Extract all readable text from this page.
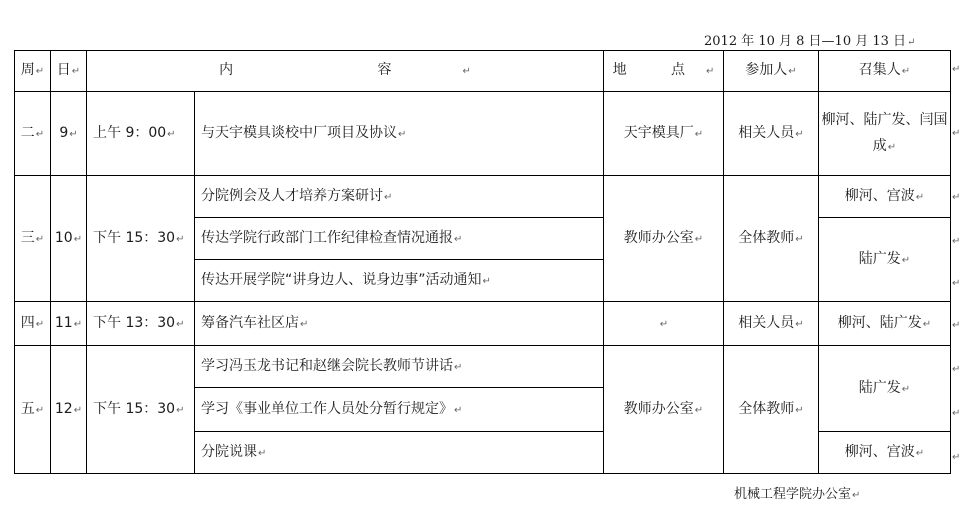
2012 年 10 月 8 日—10 月 13 日↵
周↵	日↵	内 容↵		地 点↵	参加人↵	召集人↵
二↵	9↵	上午 9：00↵	与天宇模具谈校中厂项目及协议↵	天宇模具厂↵	相关人员↵	柳河、陆广发、闫国成↵
三↵	10↵	下午 15：30↵	分院例会及人才培养方案研讨↵	教师办公室↵	全体教师↵	柳河、宫波↵
			传达学院行政部门工作纪律检查情况通报↵			陆广发↵
			传达开展学院“讲身边人、说身边事”活动通知↵			
四↵	11↵	下午 13：30↵	筹备汽车社区店↵	↵	相关人员↵	柳河、陆广发↵
五↵	12↵	下午 15：30↵	学习冯玉龙书记和赵继会院长教师节讲话↵	教师办公室↵	全体教师↵	陆广发↵
			学习《事业单位工作人员处分暂行规定》↵			
			分院说课↵			柳河、宫波↵
↵
↵
↵
↵
↵
↵
↵
↵
↵
机械工程学院办公室↵
